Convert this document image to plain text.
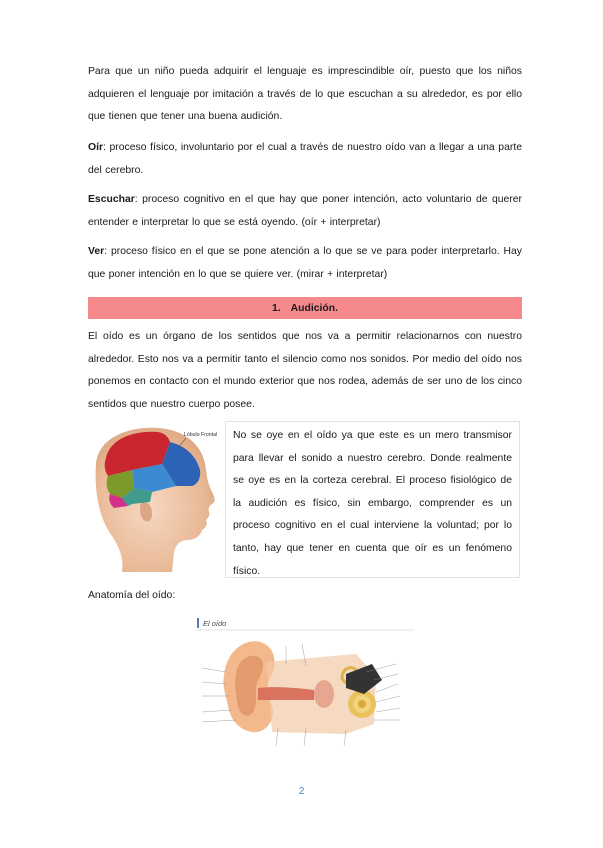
Para que un niño pueda adquirir el lenguaje es imprescindible oír, puesto que los niños adquieren el lenguaje por imitación a través de lo que escuchan a su alrededor, es por ello que tienen que tener una buena audición.

Oír: proceso físico, involuntario por el cual a través de nuestro oído van a llegar a una parte del cerebro.

Escuchar: proceso cognitivo en el que hay que poner intención, acto voluntario de querer entender e interpretar lo que se está oyendo. (oír + interpretar)

Ver: proceso físico en el que se pone atención a lo que se ve para poder interpretarlo. Hay que poner intención en lo que se quiere ver. (mirar + interpretar)

1. Audición.

El oído es un órgano de los sentidos que nos va a permitir relacionarnos con nuestro alrededor. Esto nos va a permitir tanto el silencio como nos sonidos. Por medio del oído nos ponemos en contacto con el mundo exterior que nos rodea, además de ser uno de los cinco sentidos que nuestro cuerpo posee.

Lóbulo Frontal No se oye en el oído ya que este es un mero transmisor para llevar el sonido a nuestro cerebro. Donde realmente se oye es en la corteza cerebral. El proceso fisiológico de la audición es físico, sin embargo, comprender es un proceso cognitivo en el cual interviene la voluntad; por lo tanto, hay que tener en cuenta que oír es un fenómeno físico.

Anatomía del oído:

El oído

2
